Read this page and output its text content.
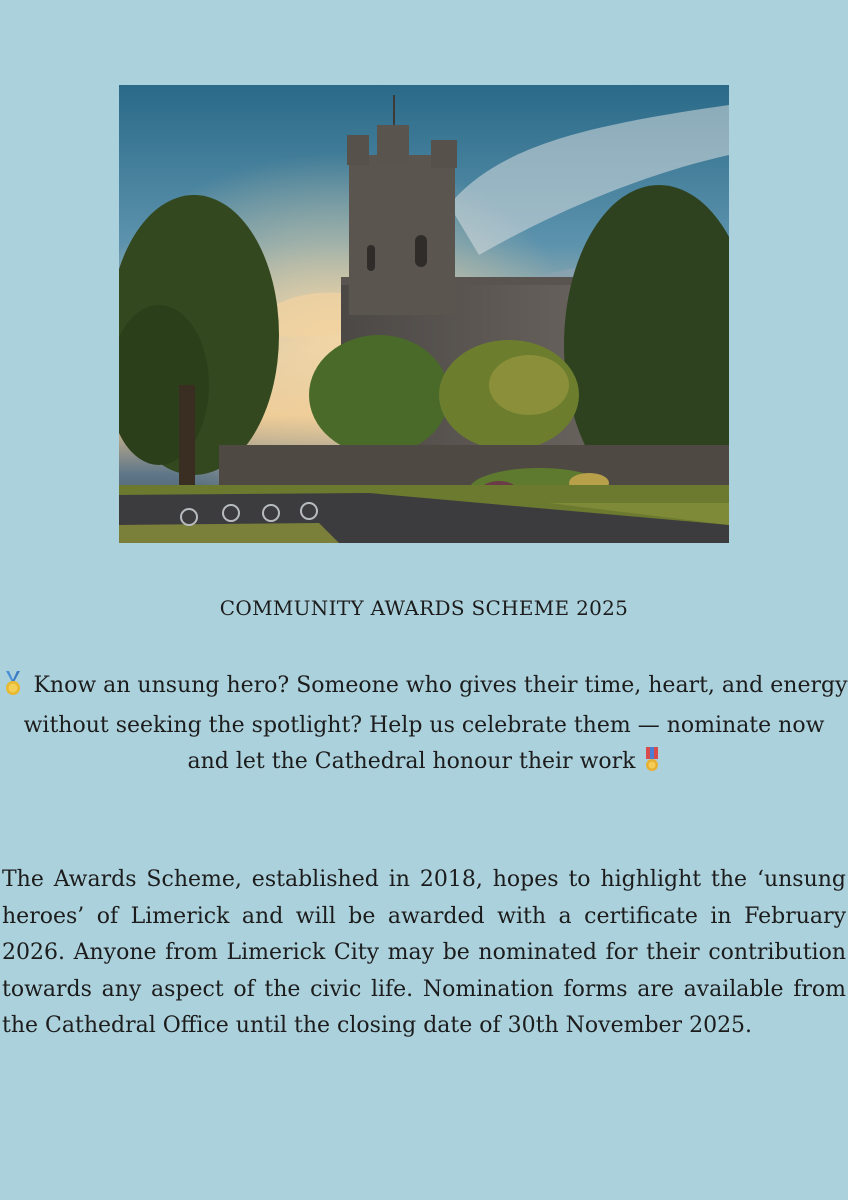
COMMUNITY AWARDS SCHEME 2025
Know an unsung hero? Someone who gives their time, heart, and energy without seeking the spotlight? Help us celebrate them — nominate now and let the Cathedral honour their work
The Awards Scheme, established in 2018, hopes to highlight the ‘unsung heroes’ of Limerick and will be awarded with a certificate in February 2026. Anyone from Limerick City may be nominated for their contribution towards any aspect of the civic life. Nomination forms are available from the Cathedral Office until the closing date of 30th November 2025.
